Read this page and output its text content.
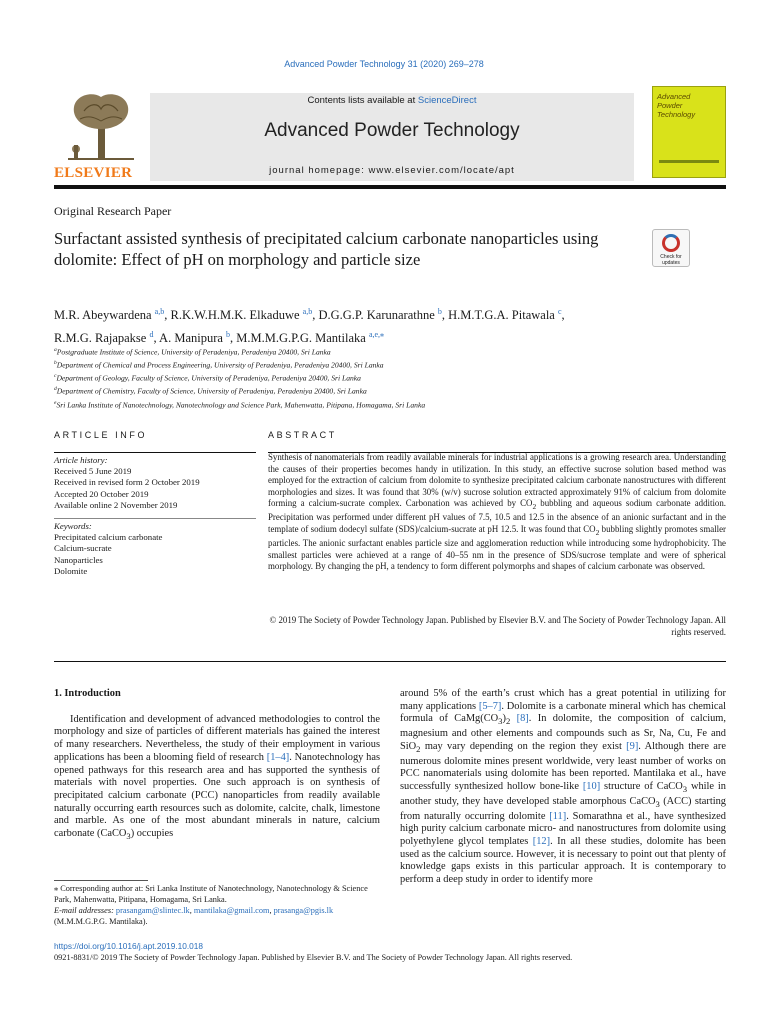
Advanced Powder Technology 31 (2020) 269–278
ELSEVIER
Contents lists available at ScienceDirect
Advanced Powder Technology
journal homepage: www.elsevier.com/locate/apt
Advanced
Powder
Technology
Original Research Paper
Surfactant assisted synthesis of precipitated calcium carbonate nanoparticles using dolomite: Effect of pH on morphology and particle size	Check for updates
M.R. Abeywardena $^{a,b}$, R.K.W.H.M.K. Elkaduwe $^{a,b}$, D.G.G.P. Karunarathne $^b$, H.M.T.G.A. Pitawala $^c$,
R.M.G. Rajapakse $^d$, A. Manipura $^b$, M.M.M.G.P.G. Mantilaka $^{a,e,⁎}$
$^a$Postgraduate Institute of Science, University of Peradeniya, Peradeniya 20400, Sri Lanka
$^b$Department of Chemical and Process Engineering, University of Peradeniya, Peradeniya 20400, Sri Lanka
$^c$Department of Geology, Faculty of Science, University of Peradeniya, Peradeniya 20400, Sri Lanka
$^d$Department of Chemistry, Faculty of Science, University of Peradeniya, Peradeniya 20400, Sri Lanka
$^e$Sri Lanka Institute of Nanotechnology, Nanotechnology and Science Park, Mahenwatta, Pitipana, Homagama, Sri Lanka
ARTICLE INFO	ABSTRACT
Article history:
Received 5 June 2019
Received in revised form 2 October 2019
Accepted 20 October 2019
Available online 2 November 2019
Keywords:
Precipitated calcium carbonate
Calcium-sucrate
Nanoparticles
Dolomite
Synthesis of nanomaterials from readily available minerals for industrial applications is a growing research area. Understanding the causes of their properties becomes handy in utilization. In this study, an effective sucrose solution based method was employed for the extraction of calcium from dolomite to synthesize precipitated calcium carbonate nanostructures with different morphologies and sizes. It was found that 30% (w/v) sucrose solution extracted approximately 91% of calcium from dolomite forming a calcium-sucrate complex. Carbonation was achieved by $CO_2$ bubbling and aqueous sodium carbonate addition. Precipitation was performed under different pH values of 7.5, 10.5 and 12.5 in the absence of an anionic surfactant and in the template of sodium dodecyl sulfate (SDS)/calcium-sucrate at pH 12.5. It was found that $CO_2$ bubbling slightly promotes smaller particles. The anionic surfactant enables particle size and agglomeration reduction while introducing some hydrophobicity. The smallest particles were achieved at a range of 40–55 nm in the presence of SDS/sucrose template and were of spherical morphology. By changing the pH, a tendency to form different polymorphs and shapes of calcium carbonate was observed.
© 2019 The Society of Powder Technology Japan. Published by Elsevier B.V. and The Society of Powder Technology Japan. All rights reserved.
1. Introduction

Identification and development of advanced methodologies to control the morphology and size of particles of different materials has gained the interest of many researchers. Nevertheless, the study of their employment in various applications has been a blooming field of research [1–4]. Nanotechnology has opened pathways for this research area and has supported the synthesis of materials with novel properties. One such approach is on synthesis of precipitated calcium carbonate (PCC) nanoparticles from readily available naturally occurring earth resources such as dolomite, calcite, chalk, limestone and marble. As one of the most abundant minerals in nature, calcium carbonate (CaCO$_3$) occupies

around 5% of the earth’s crust which has a great potential in utilizing for many applications [5–7]. Dolomite is a carbonate mineral which has chemical formula of $CaMg(CO_3)_2$ [8]. In dolomite, the composition of calcium, magnesium and other elements and compounds such as Sr, Na, Cu, Fe and SiO$_2$ may vary depending on the region they exist [9]. Although there are numerous dolomite mines present worldwide, very least number of works on PCC nanomaterials using dolomite has been reported. Mantilaka et al., have successfully synthesized hollow bone-like [10] structure of CaCO$_3$ while in another study, they have developed stable amorphous CaCO$_3$ (ACC) starting from naturally occurring dolomite [11]. Somarathna et al., have synthesized high purity calcium carbonate micro- and nanostructures from dolomite using polyethylene glycol templates [12]. In all these studies, dolomite has been used as the calcium source. However, it is necessary to point out that plenty of knowledge gaps exists in this particular approach. It is contemporary to perform a deep study in order to identify more
⁎ Corresponding author at: Sri Lanka Institute of Nanotechnology, Nanotechnology & Science Park, Mahenwatta, Pitipana, Homagama, Sri Lanka.
E-mail addresses: prasangam@slintec.lk, mantilaka@gmail.com, prasanga@pgis.lk (M.M.M.G.P.G. Mantilaka).
https://doi.org/10.1016/j.apt.2019.10.018
0921-8831/© 2019 The Society of Powder Technology Japan. Published by Elsevier B.V. and The Society of Powder Technology Japan. All rights reserved.
